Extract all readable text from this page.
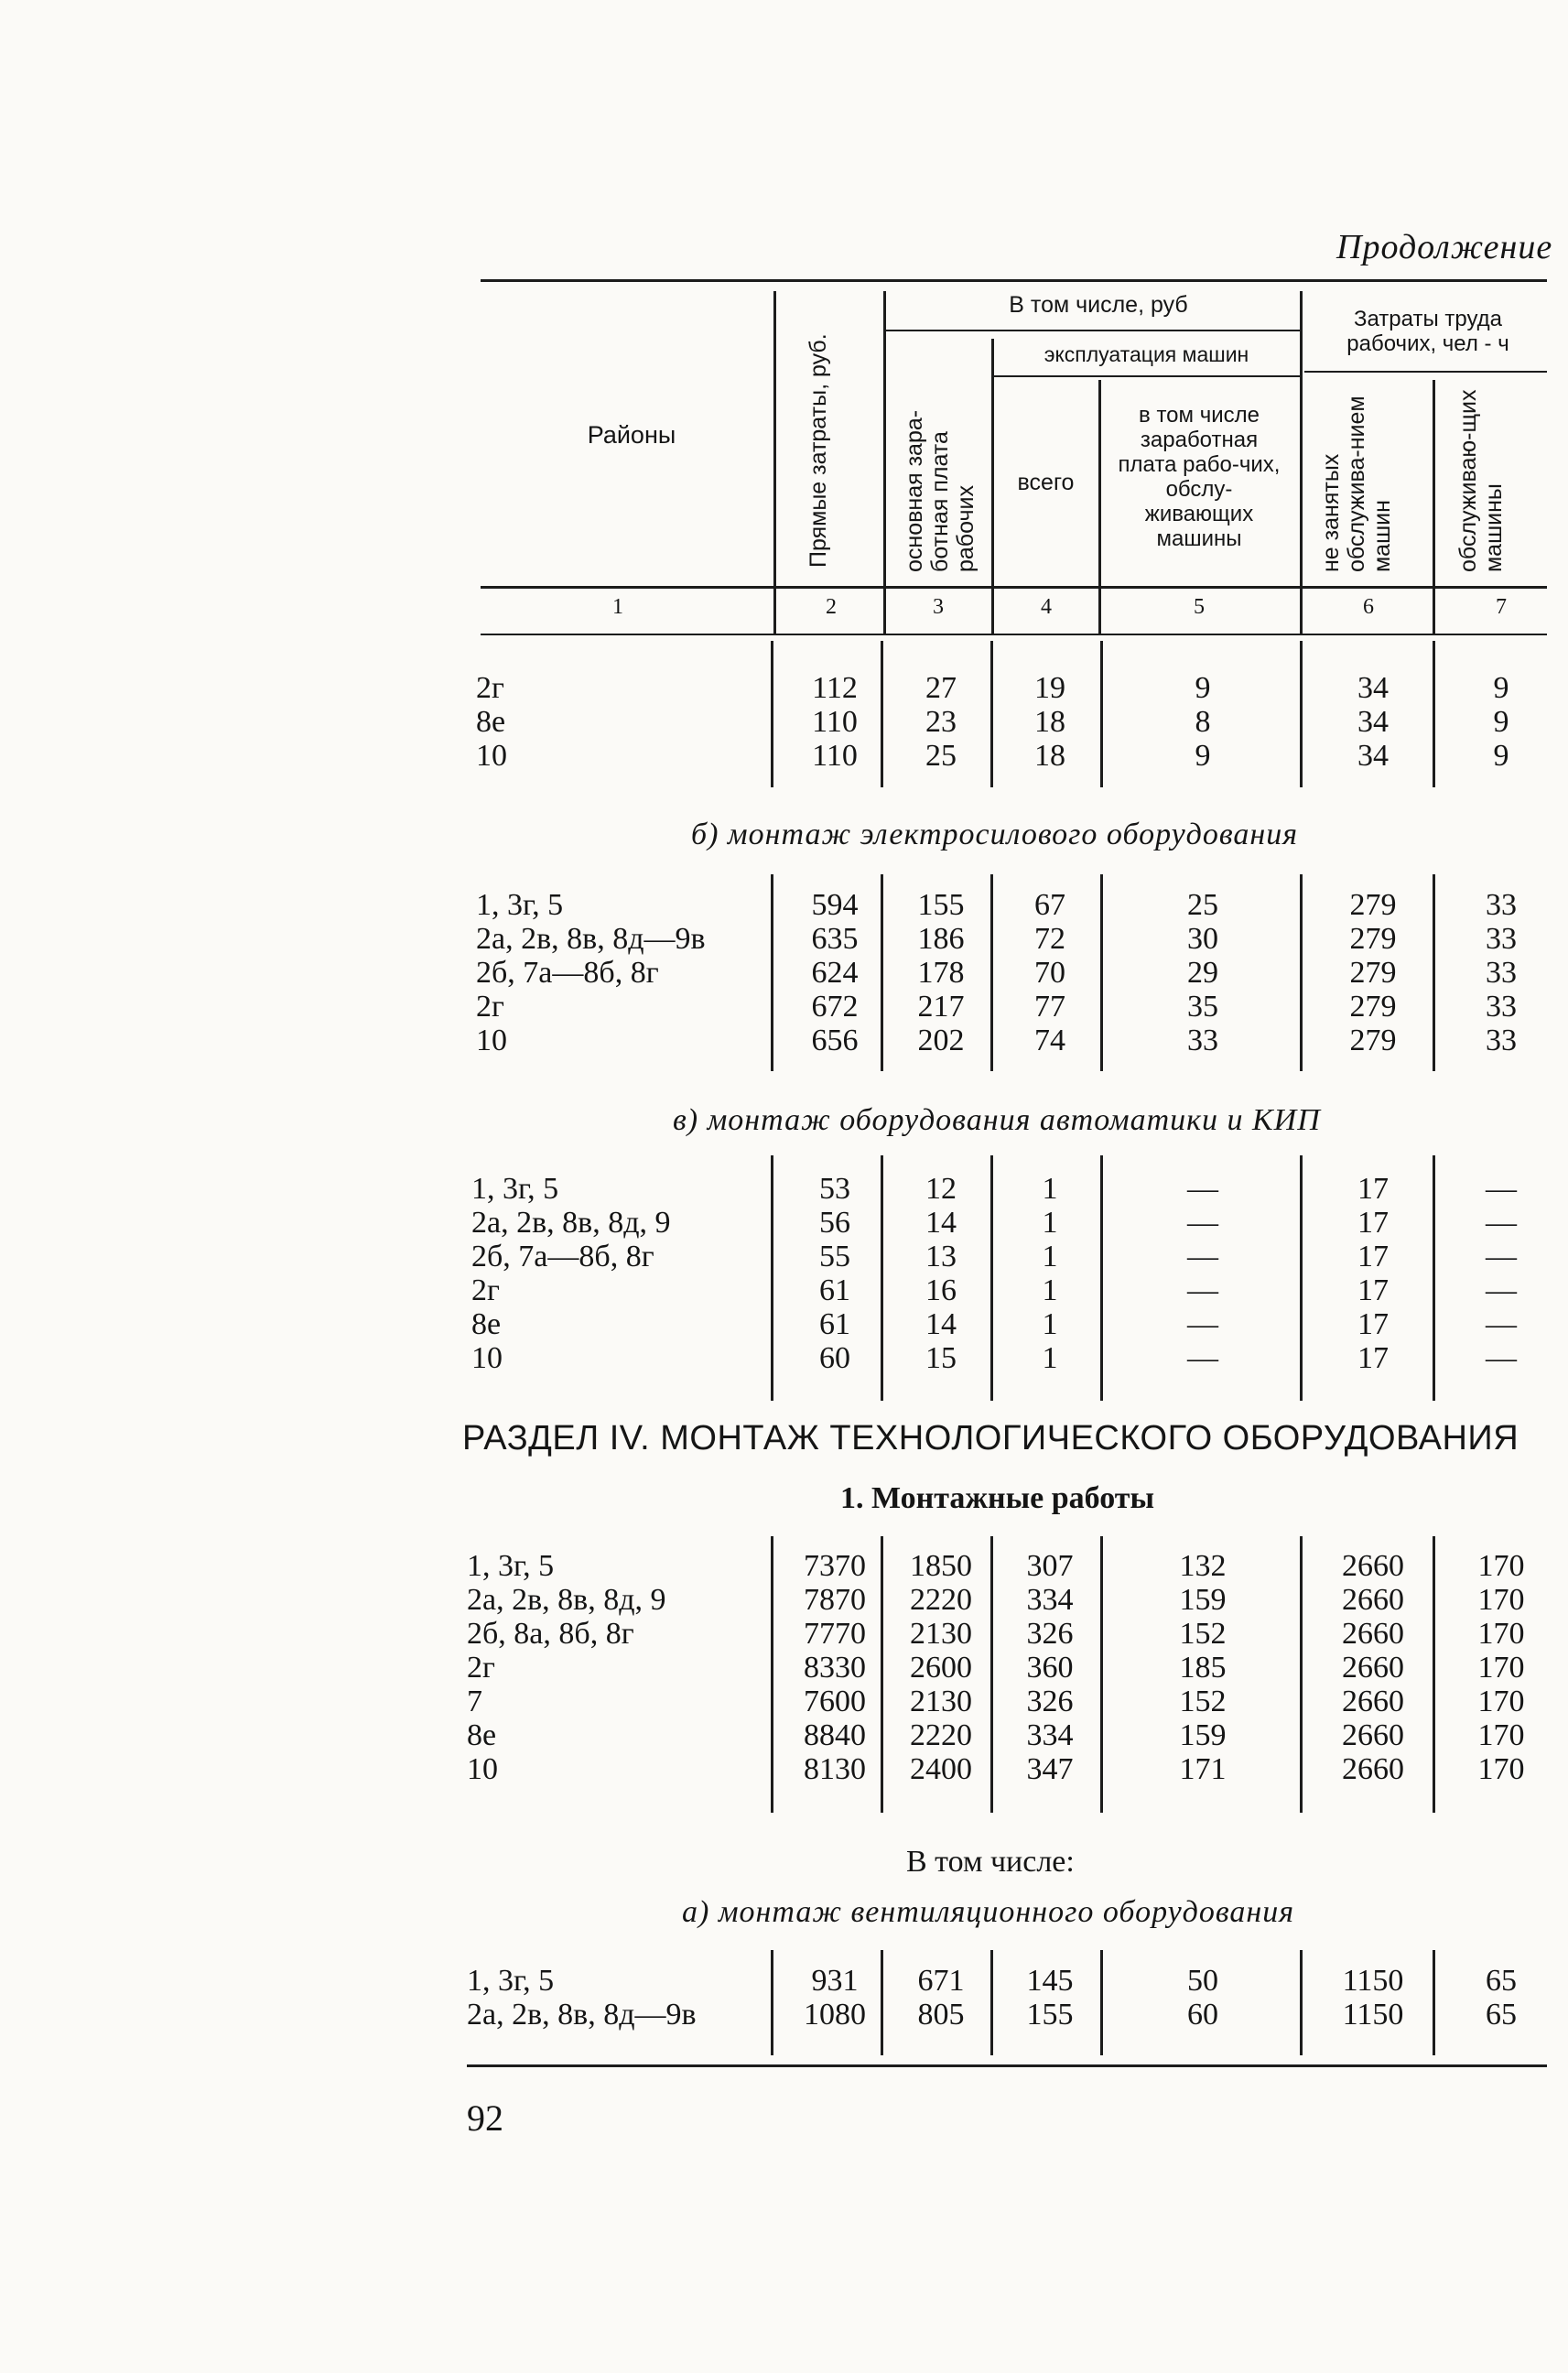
Продолжение
Районы	Прямые затраты, руб.
В том числе, руб
основная зара-ботная плата рабочих
эксплуатация машин
всего
в том числе заработная плата рабо-чих, обслу-живающих машины
Затраты труда рабочих, чел - ч
не занятых обслужива-нием машин	обслуживаю-щих машины
1	2	3	4	5	6	7
б) монтаж электросилового оборудования
в) монтаж оборудования автоматики и КИП
РАЗДЕЛ IV. МОНТАЖ ТЕХНОЛОГИЧЕСКОГО ОБОРУДОВАНИЯ
1. Монтажные работы
В том числе:
а) монтаж вентиляционного оборудования
92
2г	112	27	19	9	34	9
8е	110	23	18	8	34	9
10	110	25	18	9	34	9
1, 3г, 5	594	155	67	25	279	33
2а, 2в, 8в, 8д—9в	635	186	72	30	279	33
2б, 7а—8б, 8г	624	178	70	29	279	33
2г	672	217	77	35	279	33
10	656	202	74	33	279	33
1, 3г, 5	53	12	1	—	17	—
2а, 2в, 8в, 8д, 9	56	14	1	—	17	—
2б, 7а—8б, 8г	55	13	1	—	17	—
2г	61	16	1	—	17	—
8е	61	14	1	—	17	—
10	60	15	1	—	17	—
1, 3г, 5	7370	1850	307	132	2660	170
2а, 2в, 8в, 8д, 9	7870	2220	334	159	2660	170
2б, 8а, 8б, 8г	7770	2130	326	152	2660	170
2г	8330	2600	360	185	2660	170
7	7600	2130	326	152	2660	170
8е	8840	2220	334	159	2660	170
10	8130	2400	347	171	2660	170
1, 3г, 5	931	671	145	50	1150	65
2а, 2в, 8в, 8д—9в	1080	805	155	60	1150	65
